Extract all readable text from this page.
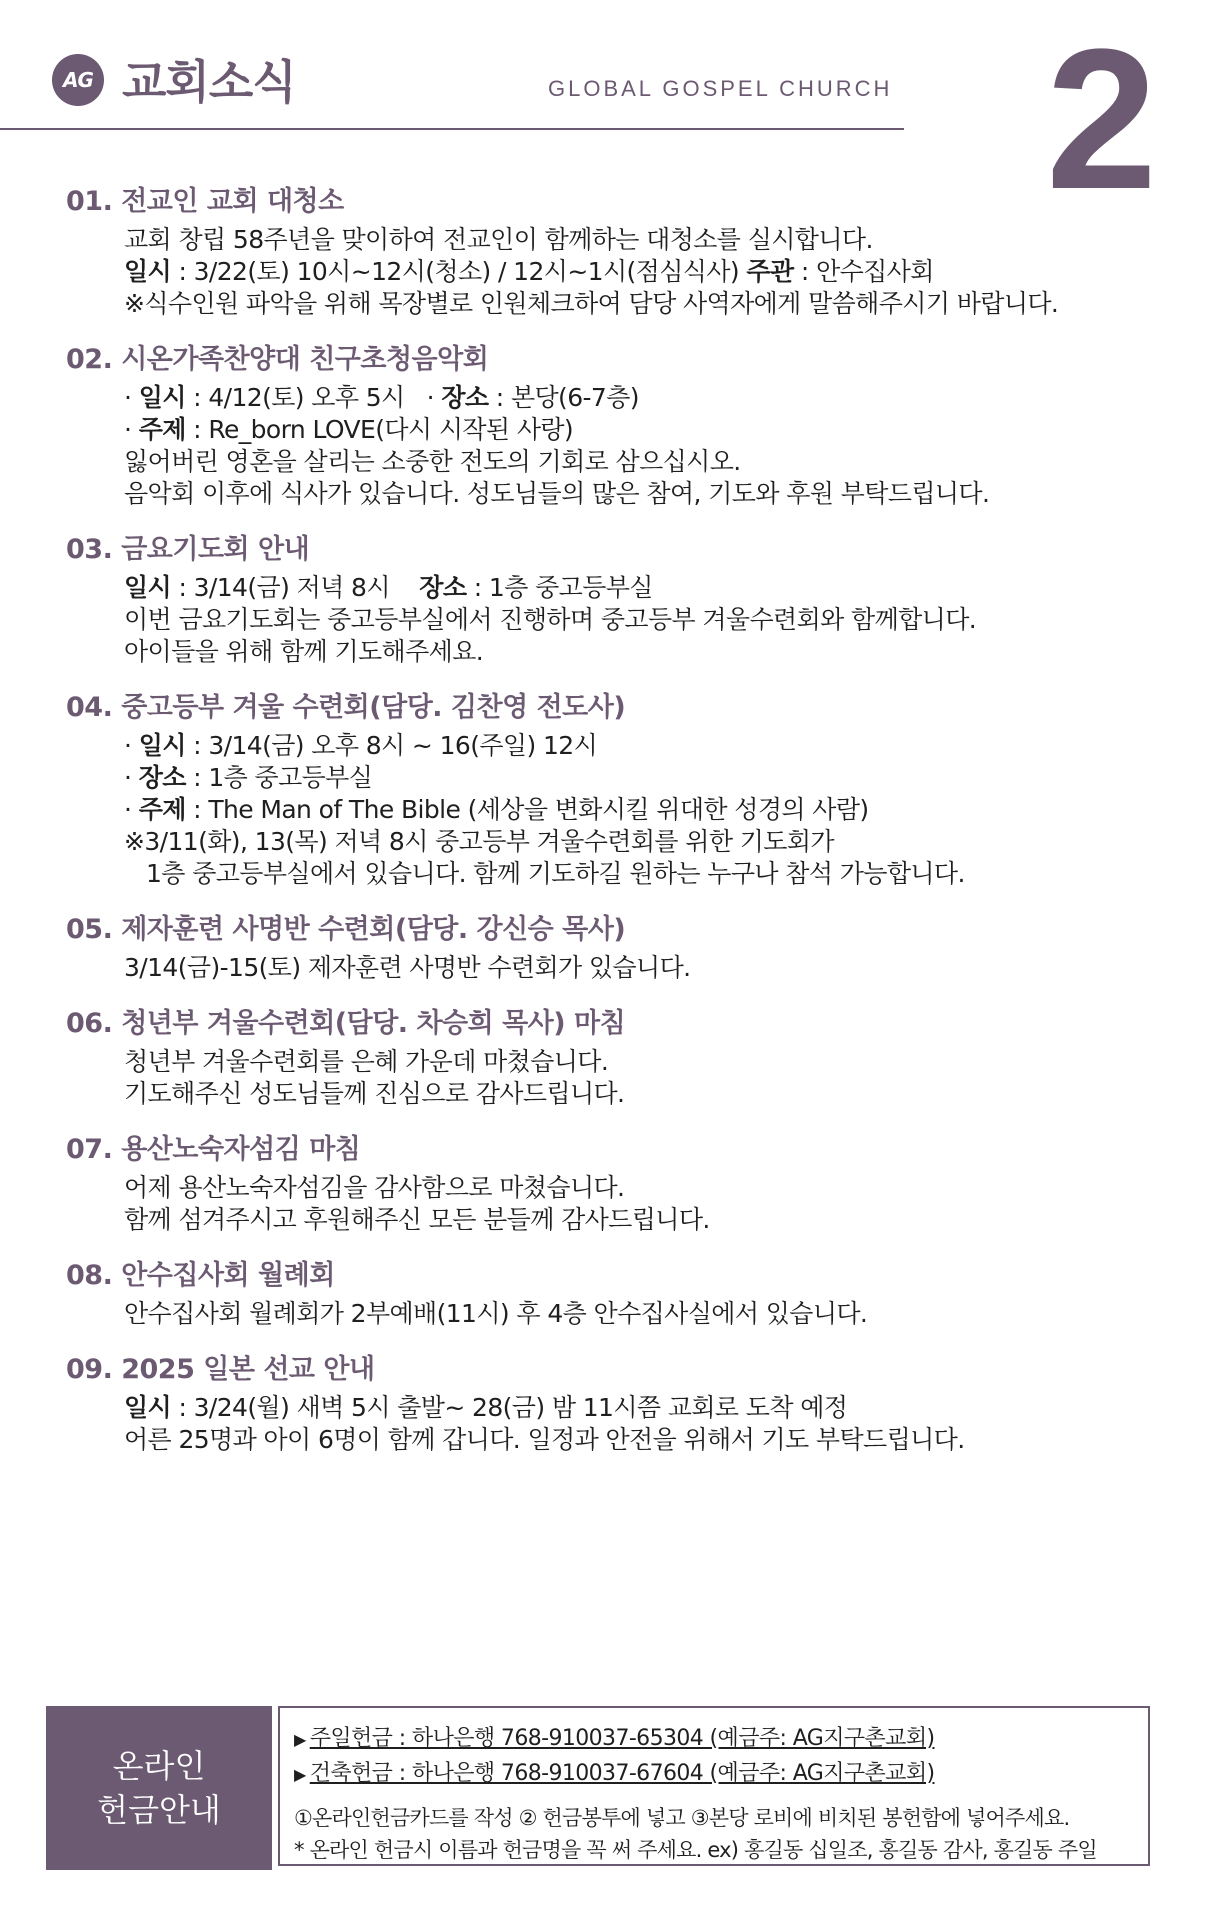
AG 교회소식	GLOBAL GOSPEL CHURCH 2
01. 전교인 교회 대청소
교회 창립 58주년을 맞이하여 전교인이 함께하는 대청소를 실시합니다.
일시 : 3/22(토) 10시~12시(청소) / 12시~1시(점심식사) 주관 : 안수집사회
※식수인원 파악을 위해 목장별로 인원체크하여 담당 사역자에게 말씀해주시기 바랍니다.
02. 시온가족찬양대 친구초청음악회
· 일시 : 4/12(토) 오후 5시   · 장소 : 본당(6-7층)
· 주제 : Re_born LOVE(다시 시작된 사랑)
잃어버린 영혼을 살리는 소중한 전도의 기회로 삼으십시오.
음악회 이후에 식사가 있습니다. 성도님들의 많은 참여, 기도와 후원 부탁드립니다.
03. 금요기도회 안내
일시 : 3/14(금) 저녁 8시    장소 : 1층 중고등부실
이번 금요기도회는 중고등부실에서 진행하며 중고등부 겨울수련회와 함께합니다.
아이들을 위해 함께 기도해주세요.
04. 중고등부 겨울 수련회(담당. 김찬영 전도사)
· 일시 : 3/14(금) 오후 8시 ~ 16(주일) 12시
· 장소 : 1층 중고등부실
· 주제 : The Man of The Bible (세상을 변화시킬 위대한 성경의 사람)
※3/11(화), 13(목) 저녁 8시 중고등부 겨울수련회를 위한 기도회가
1층 중고등부실에서 있습니다. 함께 기도하길 원하는 누구나 참석 가능합니다.
05. 제자훈련 사명반 수련회(담당. 강신승 목사)
3/14(금)-15(토) 제자훈련 사명반 수련회가 있습니다.
06. 청년부 겨울수련회(담당. 차승희 목사) 마침
청년부 겨울수련회를 은혜 가운데 마쳤습니다.
기도해주신 성도님들께 진심으로 감사드립니다.
07. 용산노숙자섬김 마침
어제 용산노숙자섬김을 감사함으로 마쳤습니다.
함께 섬겨주시고 후원해주신 모든 분들께 감사드립니다.
08. 안수집사회 월례회
안수집사회 월례회가 2부예배(11시) 후 4층 안수집사실에서 있습니다.
09. 2025 일본 선교 안내
일시 : 3/24(월) 새벽 5시 출발~ 28(금) 밤 11시쯤 교회로 도착 예정
어른 25명과 아이 6명이 함께 갑니다. 일정과 안전을 위해서 기도 부탁드립니다.
온라인
헌금안내
▶ 주일헌금 : 하나은행 768-910037-65304 (예금주: AG지구촌교회)
▶ 건축헌금 : 하나은행 768-910037-67604 (예금주: AG지구촌교회)
①온라인헌금카드를 작성 ② 헌금봉투에 넣고 ③본당 로비에 비치된 봉헌함에 넣어주세요.
* 온라인 헌금시 이름과 헌금명을 꼭 써 주세요. ex) 홍길동 십일조, 홍길동 감사, 홍길동 주일
